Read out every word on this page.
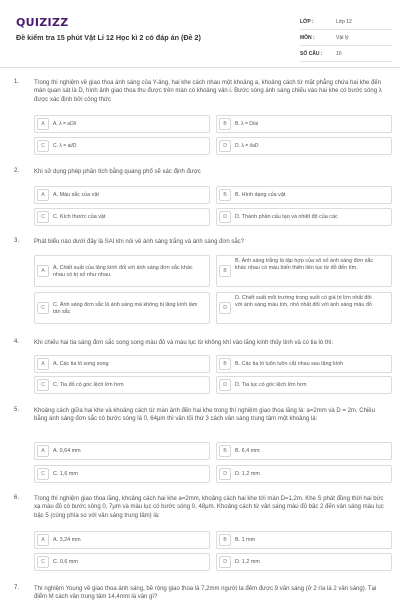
QUIZIZZ
Đề kiểm tra 15 phút Vật Lí 12 Học kì 2 có đáp án (Đề 2)
LỚP :	Lớp 12
MÔN :	Vật lý
SỐ CÂU :	10
1. Trong thí nghiệm về giao thoa ánh sáng của Y-âng, hai khe cách nhau một khoảng a, khoảng cách từ mặt phẳng chứa hai khe đến màn quan sát là D, hình ảnh giao thoa thu được trên màn có khoảng vân i. Bước sóng ánh sáng chiếu vào hai khe có bước sóng λ được xác định bởi công thức
A	A. λ = aD/i	B	B. λ = D/ai
C	C. λ = ai/D	D	D. λ = i/aD
2. Khi sử dụng phép phân tích bằng quang phổ sẽ xác định được
A	A. Màu sắc của vật	B	B. Hình dạng của vật
C	C. Kích thước của vật	D	D. Thành phần cấu tạo và nhiệt độ của các
3. Phát biểu nào dưới đây là SAI khi nói về ánh sáng trắng và ánh sáng đơn sắc?
A	A. Chiết suất của lăng kính đối với ánh sáng đơn sắc khác nhau có trị số như nhau.
B
B. Ánh sáng trắng là tập hợp của vô số ánh sáng đơn sắc khác nhau có màu biến thiên liên tục từ đỏ đến tím.
C	C. Ánh sáng đơn sắc là ánh sáng mà không bị lăng kính làm tán sắc
D
D. Chiết suất môi trường trong suốt có giá trị lớn nhất đối với ánh sáng màu tím, nhỏ nhất đối với ánh sáng màu đỏ
4. Khi chiếu hai tia sáng đơn sắc song song màu đỏ và màu lục từ không khí vào lăng kính thủy tinh và có tia ló thì:
A	A. Các tia ló song song	B	B. Các tia ló luôn luôn cắt nhau sau lăng kính
C	C. Tia đỏ có góc lệch lớn hơn	D	D. Tia lục có góc lệch lớn hơn
5. Khoảng cách giữa hai khe và khoảng cách từ màn ảnh đến hai khe trong thí nghiệm giao thoa lăng là: a=2mm và D = 2m. Chiều bằng ánh sáng đơn sắc có bước sóng là 0, 64μm thì vân tối thứ 3 cách vân sáng trung tâm một khoảng là:
A	A. 0,64 mm	B	B. 6,4 mm
C	C. 1,6 mm	D	D. 1,2 mm
6. Trong thí nghiệm giao thoa lăng, khoảng cách hai khe a=2mm, khoảng cách hai khe tới màn D=1,2m. Khe S phát đồng thời hai bức xạ màu đỏ có bước sóng 0, 7μm và màu lục có bước sóng 0, 48μm. Khoảng cách từ vân sáng màu đỏ bậc 2 đến vân sáng màu lục bậc 5 (cùng phía so với vân sáng trung tâm) là:
A	A. 3,24 mm	B	B. 1 mm
C	C. 0,6 mm	D	D. 1,2 mm
7. Thí nghiệm Young về giao thoa ánh sáng, bề rộng giao thoa là 7,2mm người ta đếm được 9 vân sáng (ở 2 rìa là 2 vân sáng). Tại điểm M cách vân trung tâm 14,4mm là vân gì?
